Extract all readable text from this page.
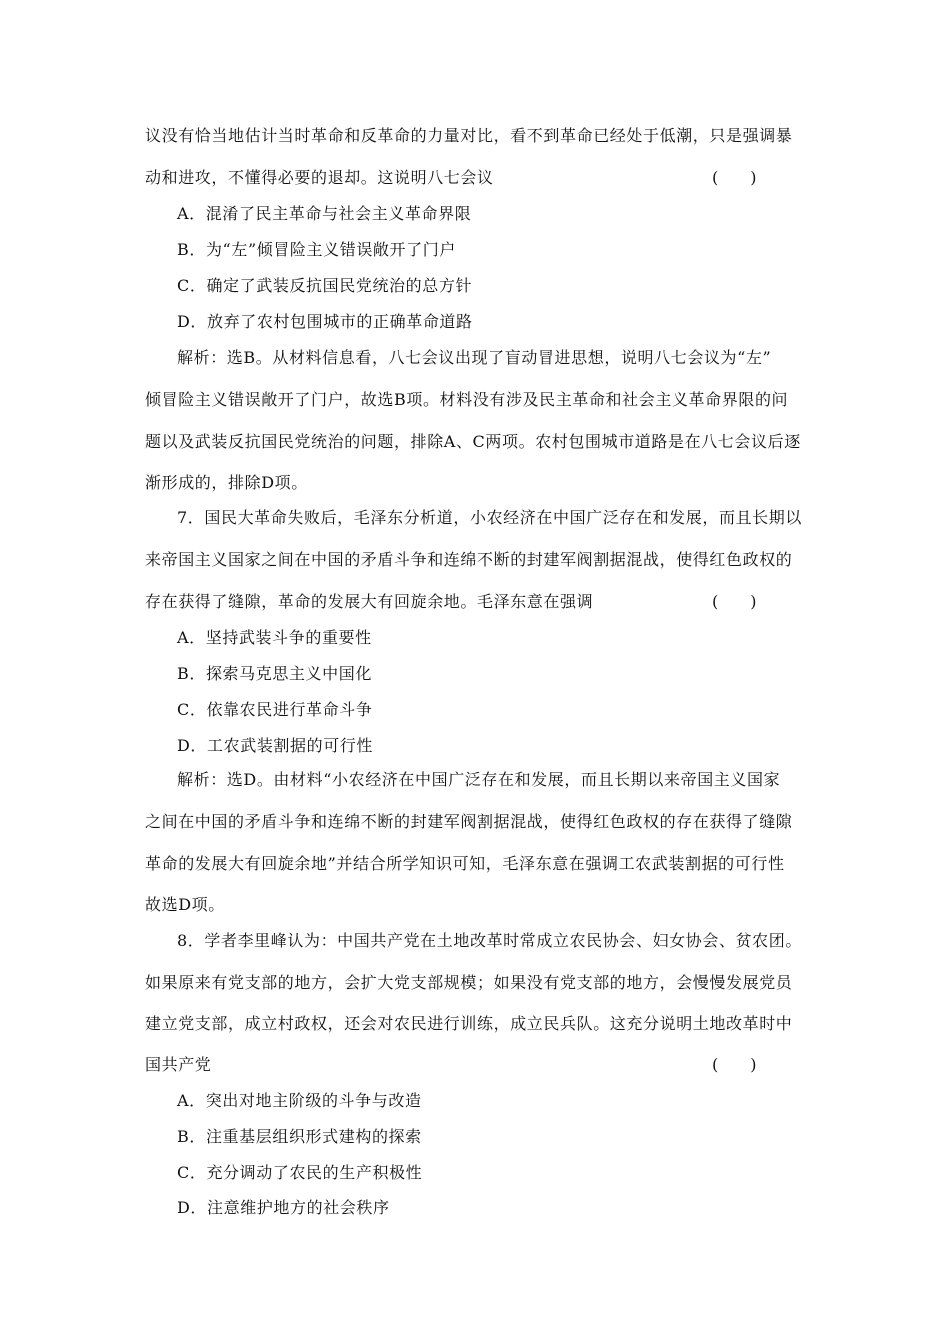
议没有恰当地估计当时革命和反革命的力量对比，看不到革命已经处于低潮，只是强调暴
动和进攻，不懂得必要的退却。这说明八七会议	(　　)
A．混淆了民主革命与社会主义革命界限
B．为“左”倾冒险主义错误敞开了门户
C．确定了武装反抗国民党统治的总方针
D．放弃了农村包围城市的正确革命道路
解析：选B。从材料信息看，八七会议出现了盲动冒进思想，说明八七会议为“左”
倾冒险主义错误敞开了门户，故选B项。材料没有涉及民主革命和社会主义革命界限的问
题以及武装反抗国民党统治的问题，排除A、C两项。农村包围城市道路是在八七会议后逐
渐形成的，排除D项。
7．国民大革命失败后，毛泽东分析道，小农经济在中国广泛存在和发展，而且长期以
来帝国主义国家之间在中国的矛盾斗争和连绵不断的封建军阀割据混战，使得红色政权的
存在获得了缝隙，革命的发展大有回旋余地。毛泽东意在强调	(　　)
A．坚持武装斗争的重要性
B．探索马克思主义中国化
C．依靠农民进行革命斗争
D．工农武装割据的可行性
解析：选D。由材料“小农经济在中国广泛存在和发展，而且长期以来帝国主义国家
之间在中国的矛盾斗争和连绵不断的封建军阀割据混战，使得红色政权的存在获得了缝隙
革命的发展大有回旋余地”并结合所学知识可知，毛泽东意在强调工农武装割据的可行性
故选D项。
8．学者李里峰认为：中国共产党在土地改革时常成立农民协会、妇女协会、贫农团。
如果原来有党支部的地方，会扩大党支部规模；如果没有党支部的地方，会慢慢发展党员
建立党支部，成立村政权，还会对农民进行训练，成立民兵队。这充分说明土地改革时中
国共产党	(　　)
A．突出对地主阶级的斗争与改造
B．注重基层组织形式建构的探索
C．充分调动了农民的生产积极性
D．注意维护地方的社会秩序
